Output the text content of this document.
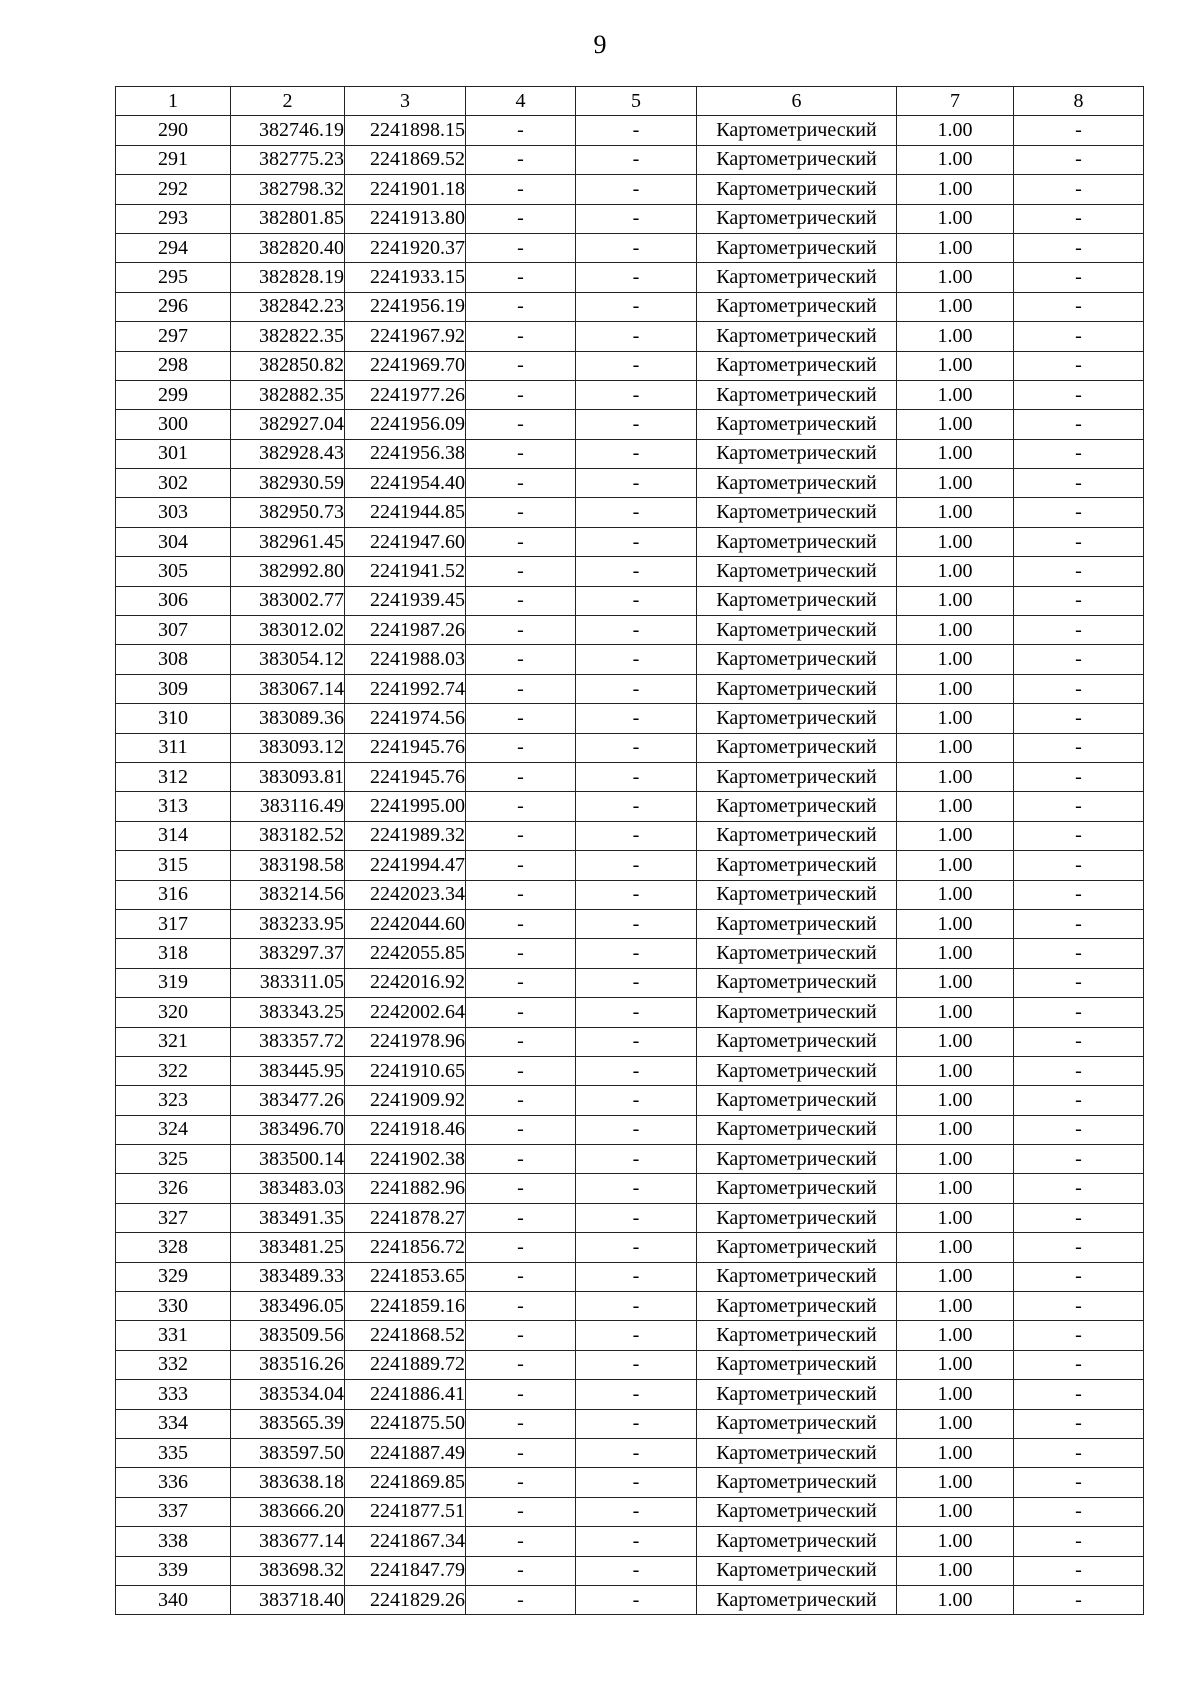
9
1	2	3	4	5	6	7	8
290	382746.19	2241898.15	-	-	Картометрический	1.00	-
291	382775.23	2241869.52	-	-	Картометрический	1.00	-
292	382798.32	2241901.18	-	-	Картометрический	1.00	-
293	382801.85	2241913.80	-	-	Картометрический	1.00	-
294	382820.40	2241920.37	-	-	Картометрический	1.00	-
295	382828.19	2241933.15	-	-	Картометрический	1.00	-
296	382842.23	2241956.19	-	-	Картометрический	1.00	-
297	382822.35	2241967.92	-	-	Картометрический	1.00	-
298	382850.82	2241969.70	-	-	Картометрический	1.00	-
299	382882.35	2241977.26	-	-	Картометрический	1.00	-
300	382927.04	2241956.09	-	-	Картометрический	1.00	-
301	382928.43	2241956.38	-	-	Картометрический	1.00	-
302	382930.59	2241954.40	-	-	Картометрический	1.00	-
303	382950.73	2241944.85	-	-	Картометрический	1.00	-
304	382961.45	2241947.60	-	-	Картометрический	1.00	-
305	382992.80	2241941.52	-	-	Картометрический	1.00	-
306	383002.77	2241939.45	-	-	Картометрический	1.00	-
307	383012.02	2241987.26	-	-	Картометрический	1.00	-
308	383054.12	2241988.03	-	-	Картометрический	1.00	-
309	383067.14	2241992.74	-	-	Картометрический	1.00	-
310	383089.36	2241974.56	-	-	Картометрический	1.00	-
311	383093.12	2241945.76	-	-	Картометрический	1.00	-
312	383093.81	2241945.76	-	-	Картометрический	1.00	-
313	383116.49	2241995.00	-	-	Картометрический	1.00	-
314	383182.52	2241989.32	-	-	Картометрический	1.00	-
315	383198.58	2241994.47	-	-	Картометрический	1.00	-
316	383214.56	2242023.34	-	-	Картометрический	1.00	-
317	383233.95	2242044.60	-	-	Картометрический	1.00	-
318	383297.37	2242055.85	-	-	Картометрический	1.00	-
319	383311.05	2242016.92	-	-	Картометрический	1.00	-
320	383343.25	2242002.64	-	-	Картометрический	1.00	-
321	383357.72	2241978.96	-	-	Картометрический	1.00	-
322	383445.95	2241910.65	-	-	Картометрический	1.00	-
323	383477.26	2241909.92	-	-	Картометрический	1.00	-
324	383496.70	2241918.46	-	-	Картометрический	1.00	-
325	383500.14	2241902.38	-	-	Картометрический	1.00	-
326	383483.03	2241882.96	-	-	Картометрический	1.00	-
327	383491.35	2241878.27	-	-	Картометрический	1.00	-
328	383481.25	2241856.72	-	-	Картометрический	1.00	-
329	383489.33	2241853.65	-	-	Картометрический	1.00	-
330	383496.05	2241859.16	-	-	Картометрический	1.00	-
331	383509.56	2241868.52	-	-	Картометрический	1.00	-
332	383516.26	2241889.72	-	-	Картометрический	1.00	-
333	383534.04	2241886.41	-	-	Картометрический	1.00	-
334	383565.39	2241875.50	-	-	Картометрический	1.00	-
335	383597.50	2241887.49	-	-	Картометрический	1.00	-
336	383638.18	2241869.85	-	-	Картометрический	1.00	-
337	383666.20	2241877.51	-	-	Картометрический	1.00	-
338	383677.14	2241867.34	-	-	Картометрический	1.00	-
339	383698.32	2241847.79	-	-	Картометрический	1.00	-
340	383718.40	2241829.26	-	-	Картометрический	1.00	-
